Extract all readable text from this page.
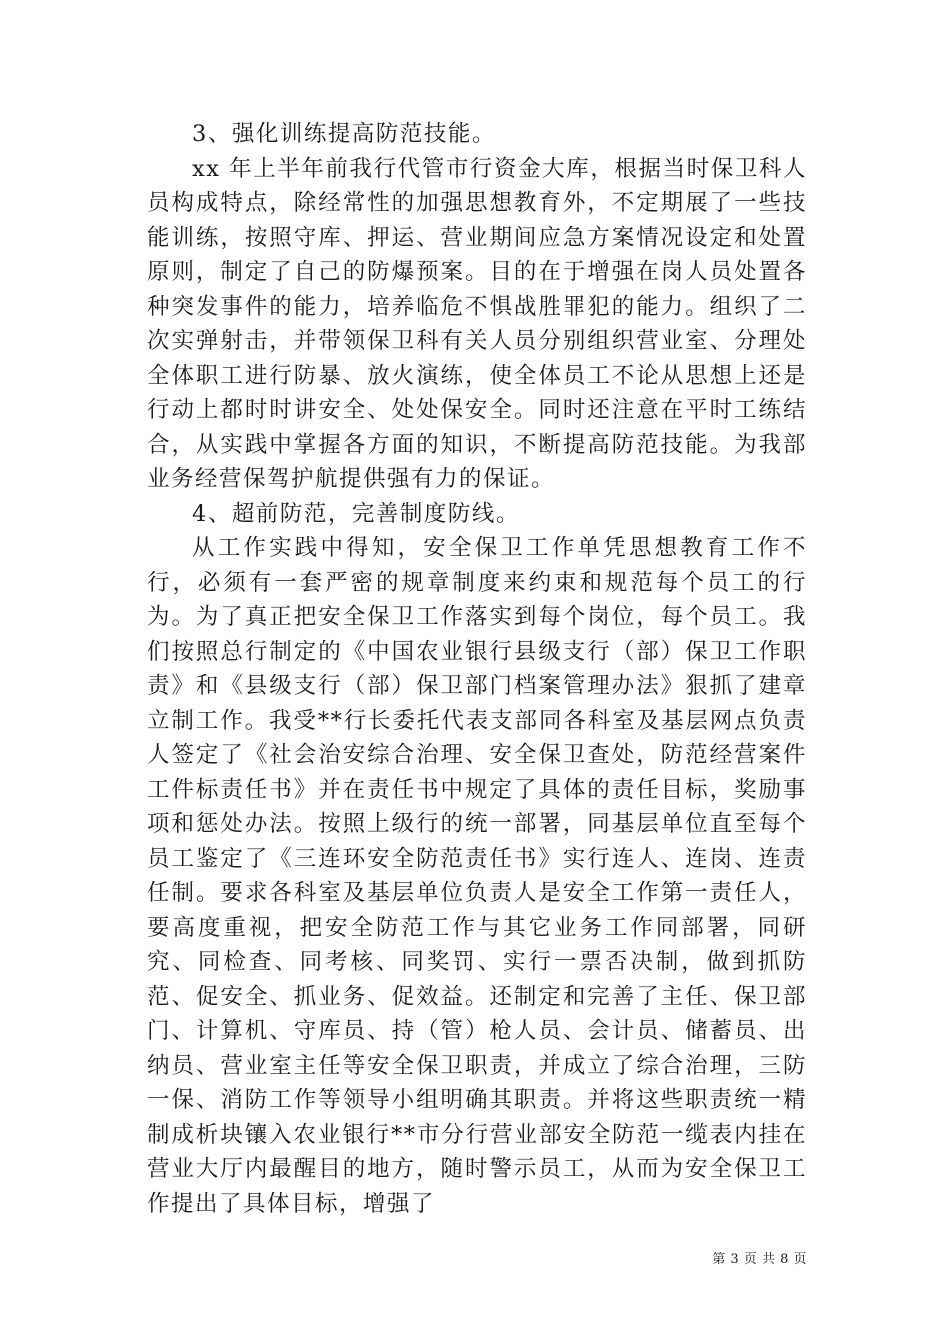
3、强化训练提高防范技能。

xx 年上半年前我行代管市行资金大库，根据当时保卫科人员构成特点，除经常性的加强思想教育外，不定期展了一些技能训练，按照守库、押运、营业期间应急方案情况设定和处置原则，制定了自己的防爆预案。目的在于增强在岗人员处置各种突发事件的能力，培养临危不惧战胜罪犯的能力。组织了二次实弹射击，并带领保卫科有关人员分别组织营业室、分理处全体职工进行防暴、放火演练，使全体员工不论从思想上还是行动上都时时讲安全、处处保安全。同时还注意在平时工练结合，从实践中掌握各方面的知识，不断提高防范技能。为我部业务经营保驾护航提供强有力的保证。

4、超前防范，完善制度防线。

从工作实践中得知，安全保卫工作单凭思想教育工作不行，必须有一套严密的规章制度来约束和规范每个员工的行为。为了真正把安全保卫工作落实到每个岗位，每个员工。我们按照总行制定的《中国农业银行县级支行（部）保卫工作职责》和《县级支行（部）保卫部门档案管理办法》狠抓了建章立制工作。我受**行长委托代表支部同各科室及基层网点负责人签定了《社会治安综合治理、安全保卫查处，防范经营案件工件标责任书》并在责任书中规定了具体的责任目标，奖励事项和惩处办法。按照上级行的统一部署，同基层单位直至每个员工鉴定了《三连环安全防范责任书》实行连人、连岗、连责任制。要求各科室及基层单位负责人是安全工作第一责任人，要高度重视，把安全防范工作与其它业务工作同部署，同研究、同检查、同考核、同奖罚、实行一票否决制，做到抓防范、促安全、抓业务、促效益。还制定和完善了主任、保卫部门、计算机、守库员、持（管）枪人员、会计员、储蓄员、出纳员、营业室主任等安全保卫职责，并成立了综合治理，三防一保、消防工作等领导小组明确其职责。并将这些职责统一精制成析块镶入农业银行**市分行营业部安全防范一缆表内挂在营业大厅内最醒目的地方，随时警示员工，从而为安全保卫工作提出了具体目标，增强了

第 3 页 共 8 页
